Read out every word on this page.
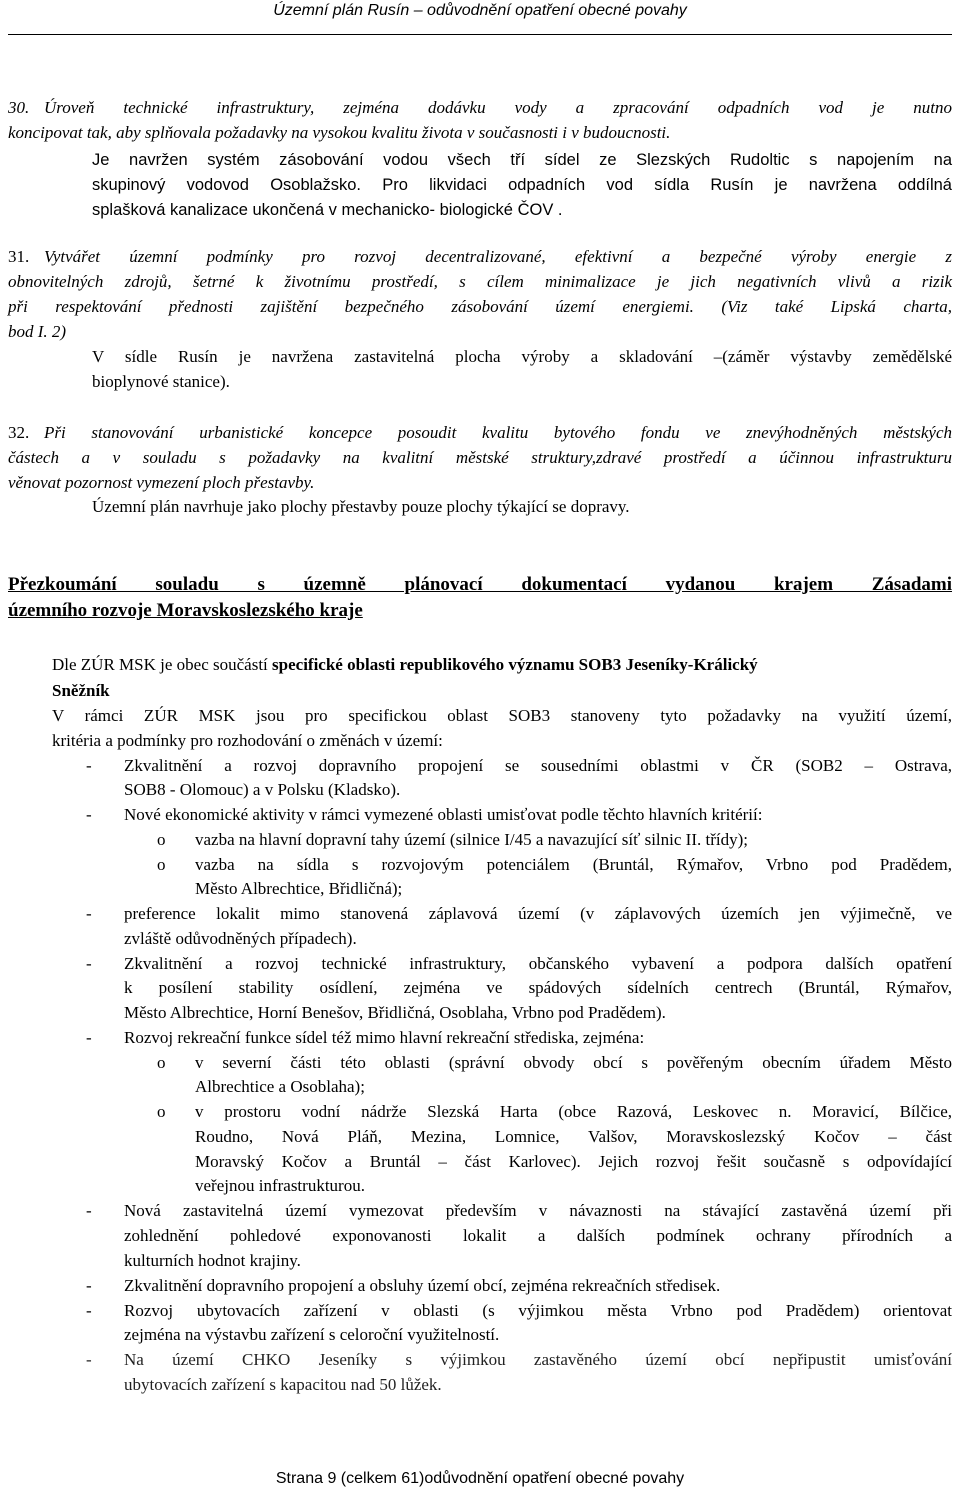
Územní plán Rusín – odůvodnění opatření obecné povahy
30. Úroveň technické infrastruktury, zejména dodávku vody a zpracování odpadních vod je nutno
koncipovat tak, aby splňovala požadavky na vysokou kvalitu života v současnosti i v budoucnosti.
Je navržen systém zásobování vodou všech tří sídel ze Slezských Rudoltic s napojením na
skupinový vodovod Osoblažsko. Pro likvidaci odpadních vod sídla Rusín je navržena oddílná
splašková kanalizace ukončená v mechanicko- biologické ČOV .
31. Vytvářet územní podmínky pro rozvoj decentralizované, efektivní a bezpečné výroby energie z
obnovitelných zdrojů, šetrné k životnímu prostředí, s cílem minimalizace je jich negativních vlivů a rizik
při respektování přednosti zajištění bezpečného zásobování území energiemi. (Viz také Lipská charta,
bod I. 2)
V sídle Rusín je navržena zastavitelná plocha výroby a skladování –(záměr výstavby zemědělské
bioplynové stanice).
32. Při stanovování urbanistické koncepce posoudit kvalitu bytového fondu ve znevýhodněných městských
částech a v souladu s požadavky na kvalitní městské struktury,zdravé prostředí a účinnou infrastrukturu
věnovat pozornost vymezení ploch přestavby.
Územní plán navrhuje jako plochy přestavby pouze plochy týkající se dopravy.
Přezkoumání souladu s územně plánovací dokumentací vydanou krajem Zásadami
územního rozvoje Moravskoslezského kraje
Dle ZÚR MSK je obec součástí specifické oblasti republikového významu SOB3 Jeseníky-Králický
Sněžník
V rámci ZÚR MSK jsou pro specifickou oblast SOB3 stanoveny tyto požadavky na využití území,
kritéria a podmínky pro rozhodování o změnách v území:
- Zkvalitnění a rozvoj dopravního propojení se sousedními oblastmi v ČR (SOB2 – Ostrava,
SOB8 - Olomouc) a v Polsku (Kladsko).
- Nové ekonomické aktivity v rámci vymezené oblasti umisťovat podle těchto hlavních kritérií:
o vazba na hlavní dopravní tahy území (silnice I/45 a navazující síť silnic II. třídy);
o vazba na sídla s rozvojovým potenciálem (Bruntál, Rýmařov, Vrbno pod Pradědem,
Město Albrechtice, Břidličná);
- preference lokalit mimo stanovená záplavová území (v záplavových územích jen výjimečně, ve
zvláště odůvodněných případech).
- Zkvalitnění a rozvoj technické infrastruktury, občanského vybavení a podpora dalších opatření
k posílení stability osídlení, zejména ve spádových sídelních centrech (Bruntál, Rýmařov,
Město Albrechtice, Horní Benešov, Břidličná, Osoblaha, Vrbno pod Pradědem).
- Rozvoj rekreační funkce sídel též mimo hlavní rekreační střediska, zejména:
o v severní části této oblasti (správní obvody obcí s pověřeným obecním úřadem Město
Albrechtice a Osoblaha);
o v prostoru vodní nádrže Slezská Harta (obce Razová, Leskovec n. Moravicí, Bílčice,
Roudno, Nová Pláň, Mezina, Lomnice, Valšov, Moravskoslezský Kočov – část
Moravský Kočov a Bruntál – část Karlovec). Jejich rozvoj řešit současně s odpovídající
veřejnou infrastrukturou.
- Nová zastavitelná území vymezovat především v návaznosti na stávající zastavěná území při
zohlednění pohledové exponovanosti lokalit a dalších podmínek ochrany přírodních a
kulturních hodnot krajiny.
- Zkvalitnění dopravního propojení a obsluhy území obcí, zejména rekreačních středisek.
- Rozvoj ubytovacích zařízení v oblasti (s výjimkou města Vrbno pod Pradědem) orientovat
zejména na výstavbu zařízení s celoroční využitelností.
- Na území CHKO Jeseníky s výjimkou zastavěného území obcí nepřipustit umisťování
ubytovacích zařízení s kapacitou nad 50 lůžek.
Strana 9 (celkem 61)odůvodnění opatření obecné povahy
